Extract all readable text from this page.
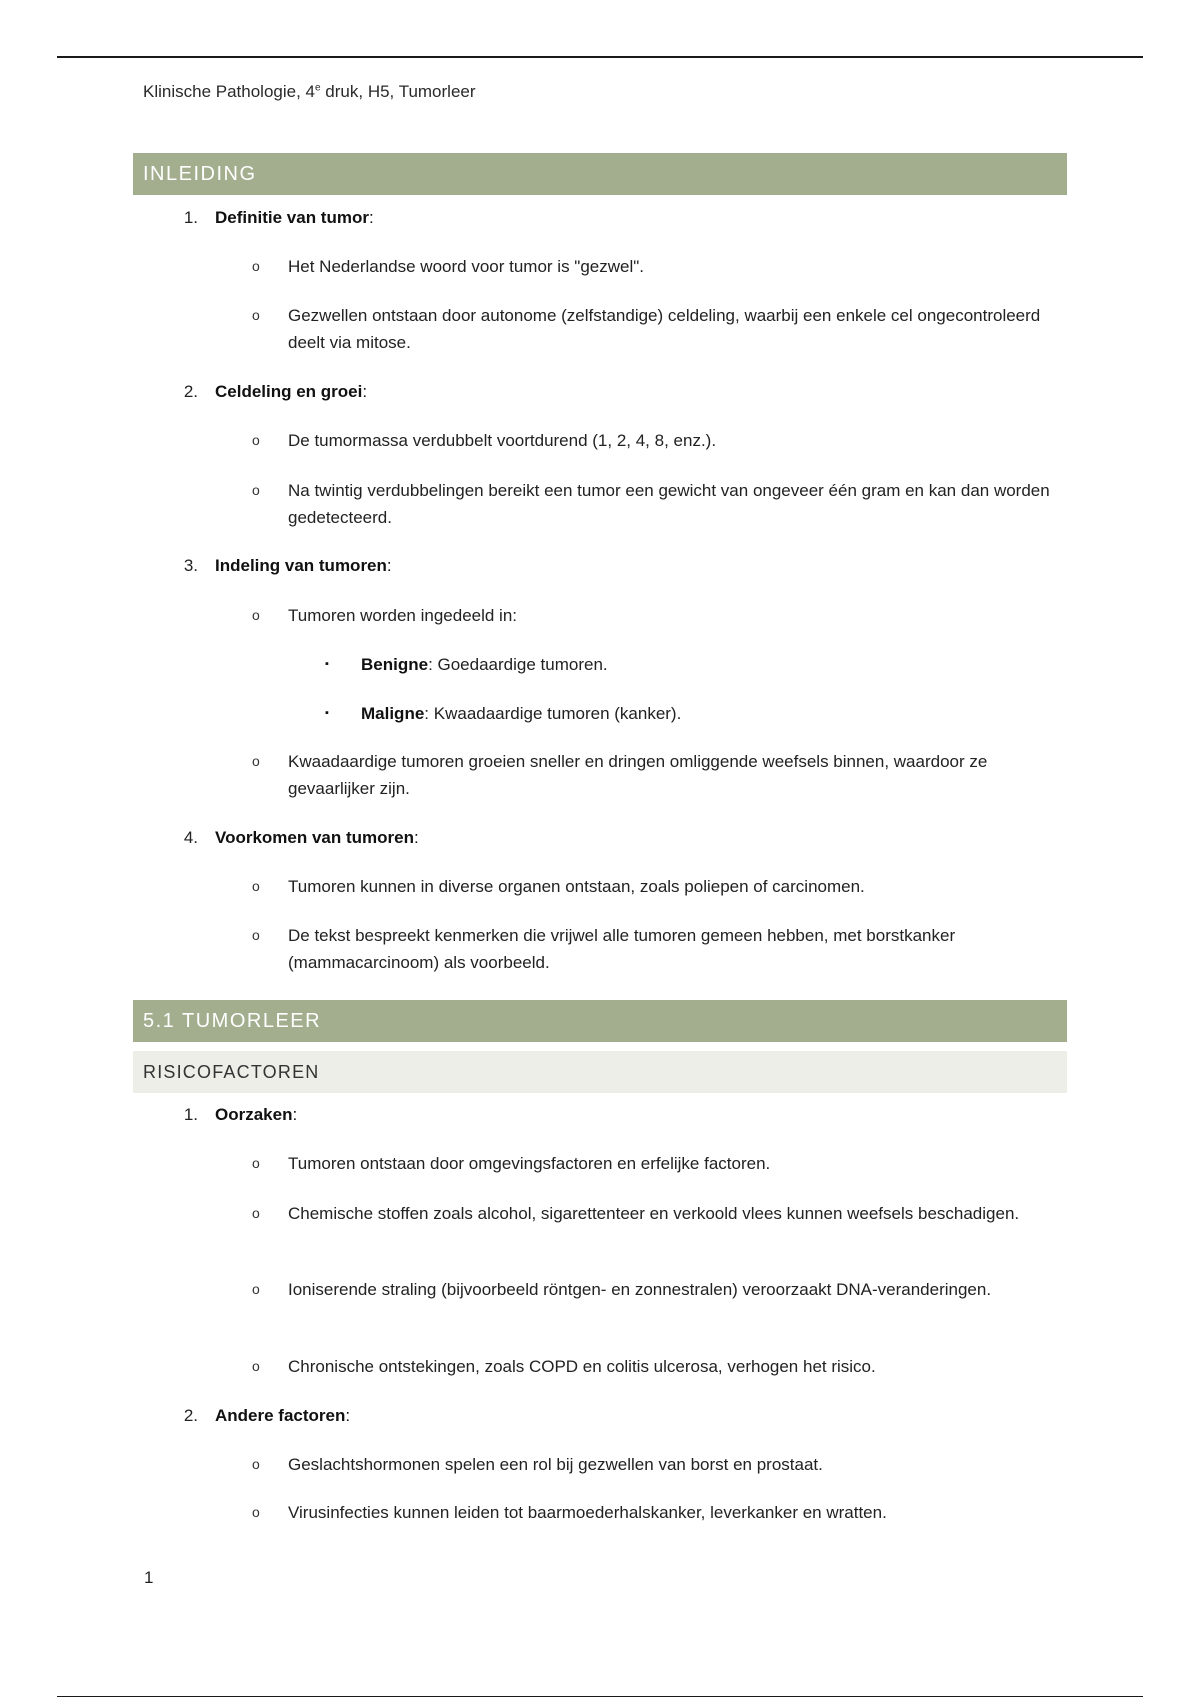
Klinische Pathologie, 4e druk, H5, Tumorleer
INLEIDING
1. Definitie van tumor:
o Het Nederlandse woord voor tumor is "gezwel".
o Gezwellen ontstaan door autonome (zelfstandige) celdeling, waarbij een enkele cel ongecontroleerd deelt via mitose.
2. Celdeling en groei:
o De tumormassa verdubbelt voortdurend (1, 2, 4, 8, enz.).
o Na twintig verdubbelingen bereikt een tumor een gewicht van ongeveer één gram en kan dan worden gedetecteerd.
3. Indeling van tumoren:
o Tumoren worden ingedeeld in:
▪ Benigne: Goedaardige tumoren.
▪ Maligne: Kwaadaardige tumoren (kanker).
o Kwaadaardige tumoren groeien sneller en dringen omliggende weefsels binnen, waardoor ze gevaarlijker zijn.
4. Voorkomen van tumoren:
o Tumoren kunnen in diverse organen ontstaan, zoals poliepen of carcinomen.
o De tekst bespreekt kenmerken die vrijwel alle tumoren gemeen hebben, met borstkanker (mammacarcinoom) als voorbeeld.
5.1 TUMORLEER
RISICOFACTOREN
1. Oorzaken:
o Tumoren ontstaan door omgevingsfactoren en erfelijke factoren.
o Chemische stoffen zoals alcohol, sigarettenteer en verkoold vlees kunnen weefsels beschadigen.
o Ioniserende straling (bijvoorbeeld röntgen- en zonnestralen) veroorzaakt DNA-veranderingen.
o Chronische ontstekingen, zoals COPD en colitis ulcerosa, verhogen het risico.
2. Andere factoren:
o Geslachtshormonen spelen een rol bij gezwellen van borst en prostaat.
o Virusinfecties kunnen leiden tot baarmoederhalskanker, leverkanker en wratten.
1
